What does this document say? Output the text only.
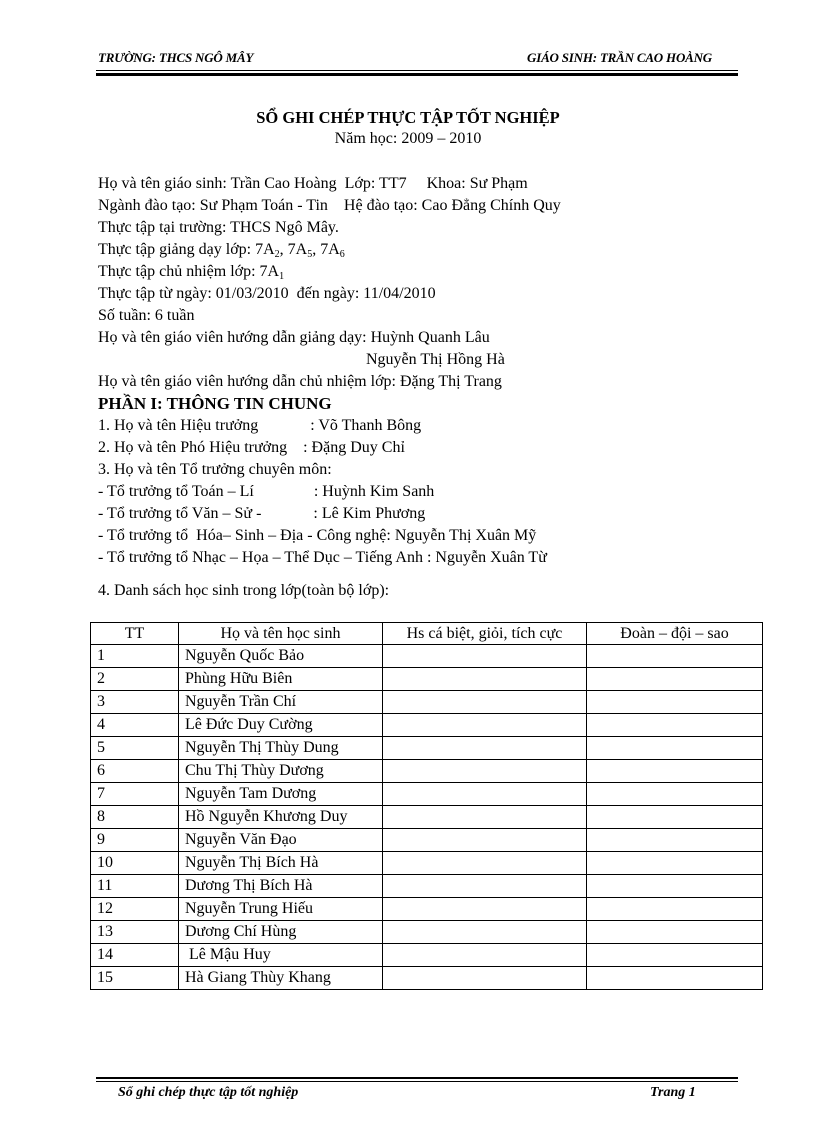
TRƯỜNG: THCS NGÔ MÂY	GIÁO SINH: TRẦN CAO HOÀNG
SỔ GHI CHÉP THỰC TẬP TỐT NGHIỆP
Năm học: 2009 – 2010
Họ và tên giáo sinh: Trần Cao Hoàng  Lớp: TT7     Khoa: Sư Phạm
Ngành đào tạo: Sư Phạm Toán - Tin    Hệ đào tạo: Cao Đẳng Chính Quy
Thực tập tại trường: THCS Ngô Mây.
Thực tập giảng dạy lớp: $7A_2$, $7A_5$, $7A_6$
Thực tập chủ nhiệm lớp: $7A_1$
Thực tập từ ngày: 01/03/2010  đến ngày: 11/04/2010
Số tuần: 6 tuần
Họ và tên giáo viên hướng dẫn giảng dạy: Huỳnh Quanh Lâu
Nguyễn Thị Hồng Hà
Họ và tên giáo viên hướng dẫn chủ nhiệm lớp: Đặng Thị Trang
PHẦN I: THÔNG TIN CHUNG
1. Họ và tên Hiệu trưởng             : Võ Thanh Bông
2. Họ và tên Phó Hiệu trưởng    : Đặng Duy Chỉ
3. Họ và tên Tổ trưởng chuyên môn:
- Tổ trưởng tổ Toán – Lí               : Huỳnh Kim Sanh
- Tổ trưởng tổ Văn – Sử -             : Lê Kim Phương
- Tổ trưởng tổ  Hóa– Sinh – Địa - Công nghệ: Nguyễn Thị Xuân Mỹ
- Tổ trưởng tổ Nhạc – Họa – Thể Dục – Tiếng Anh : Nguyễn Xuân Từ
4. Danh sách học sinh trong lớp(toàn bộ lớp):
TT	Họ và tên học sinh	Hs cá biệt, giỏi, tích cực	Đoàn – đội – sao
1	Nguyễn Quốc Bảo		
2	Phùng Hữu Biên		
3	Nguyễn Trần Chí		
4	Lê Đức Duy Cường		
5	Nguyễn Thị Thùy Dung		
6	Chu Thị Thùy Dương		
7	Nguyễn Tam Dương		
8	Hồ Nguyễn Khương Duy		
9	Nguyễn Văn Đạo		
10	Nguyễn Thị Bích Hà		
11	Dương Thị Bích Hà		
12	Nguyễn Trung Hiếu		
13	Dương Chí Hùng		
14	Lê Mậu Huy		
15	Hà Giang Thùy Khang		
Sổ ghi chép thực tập tốt nghiệp	Trang 1
